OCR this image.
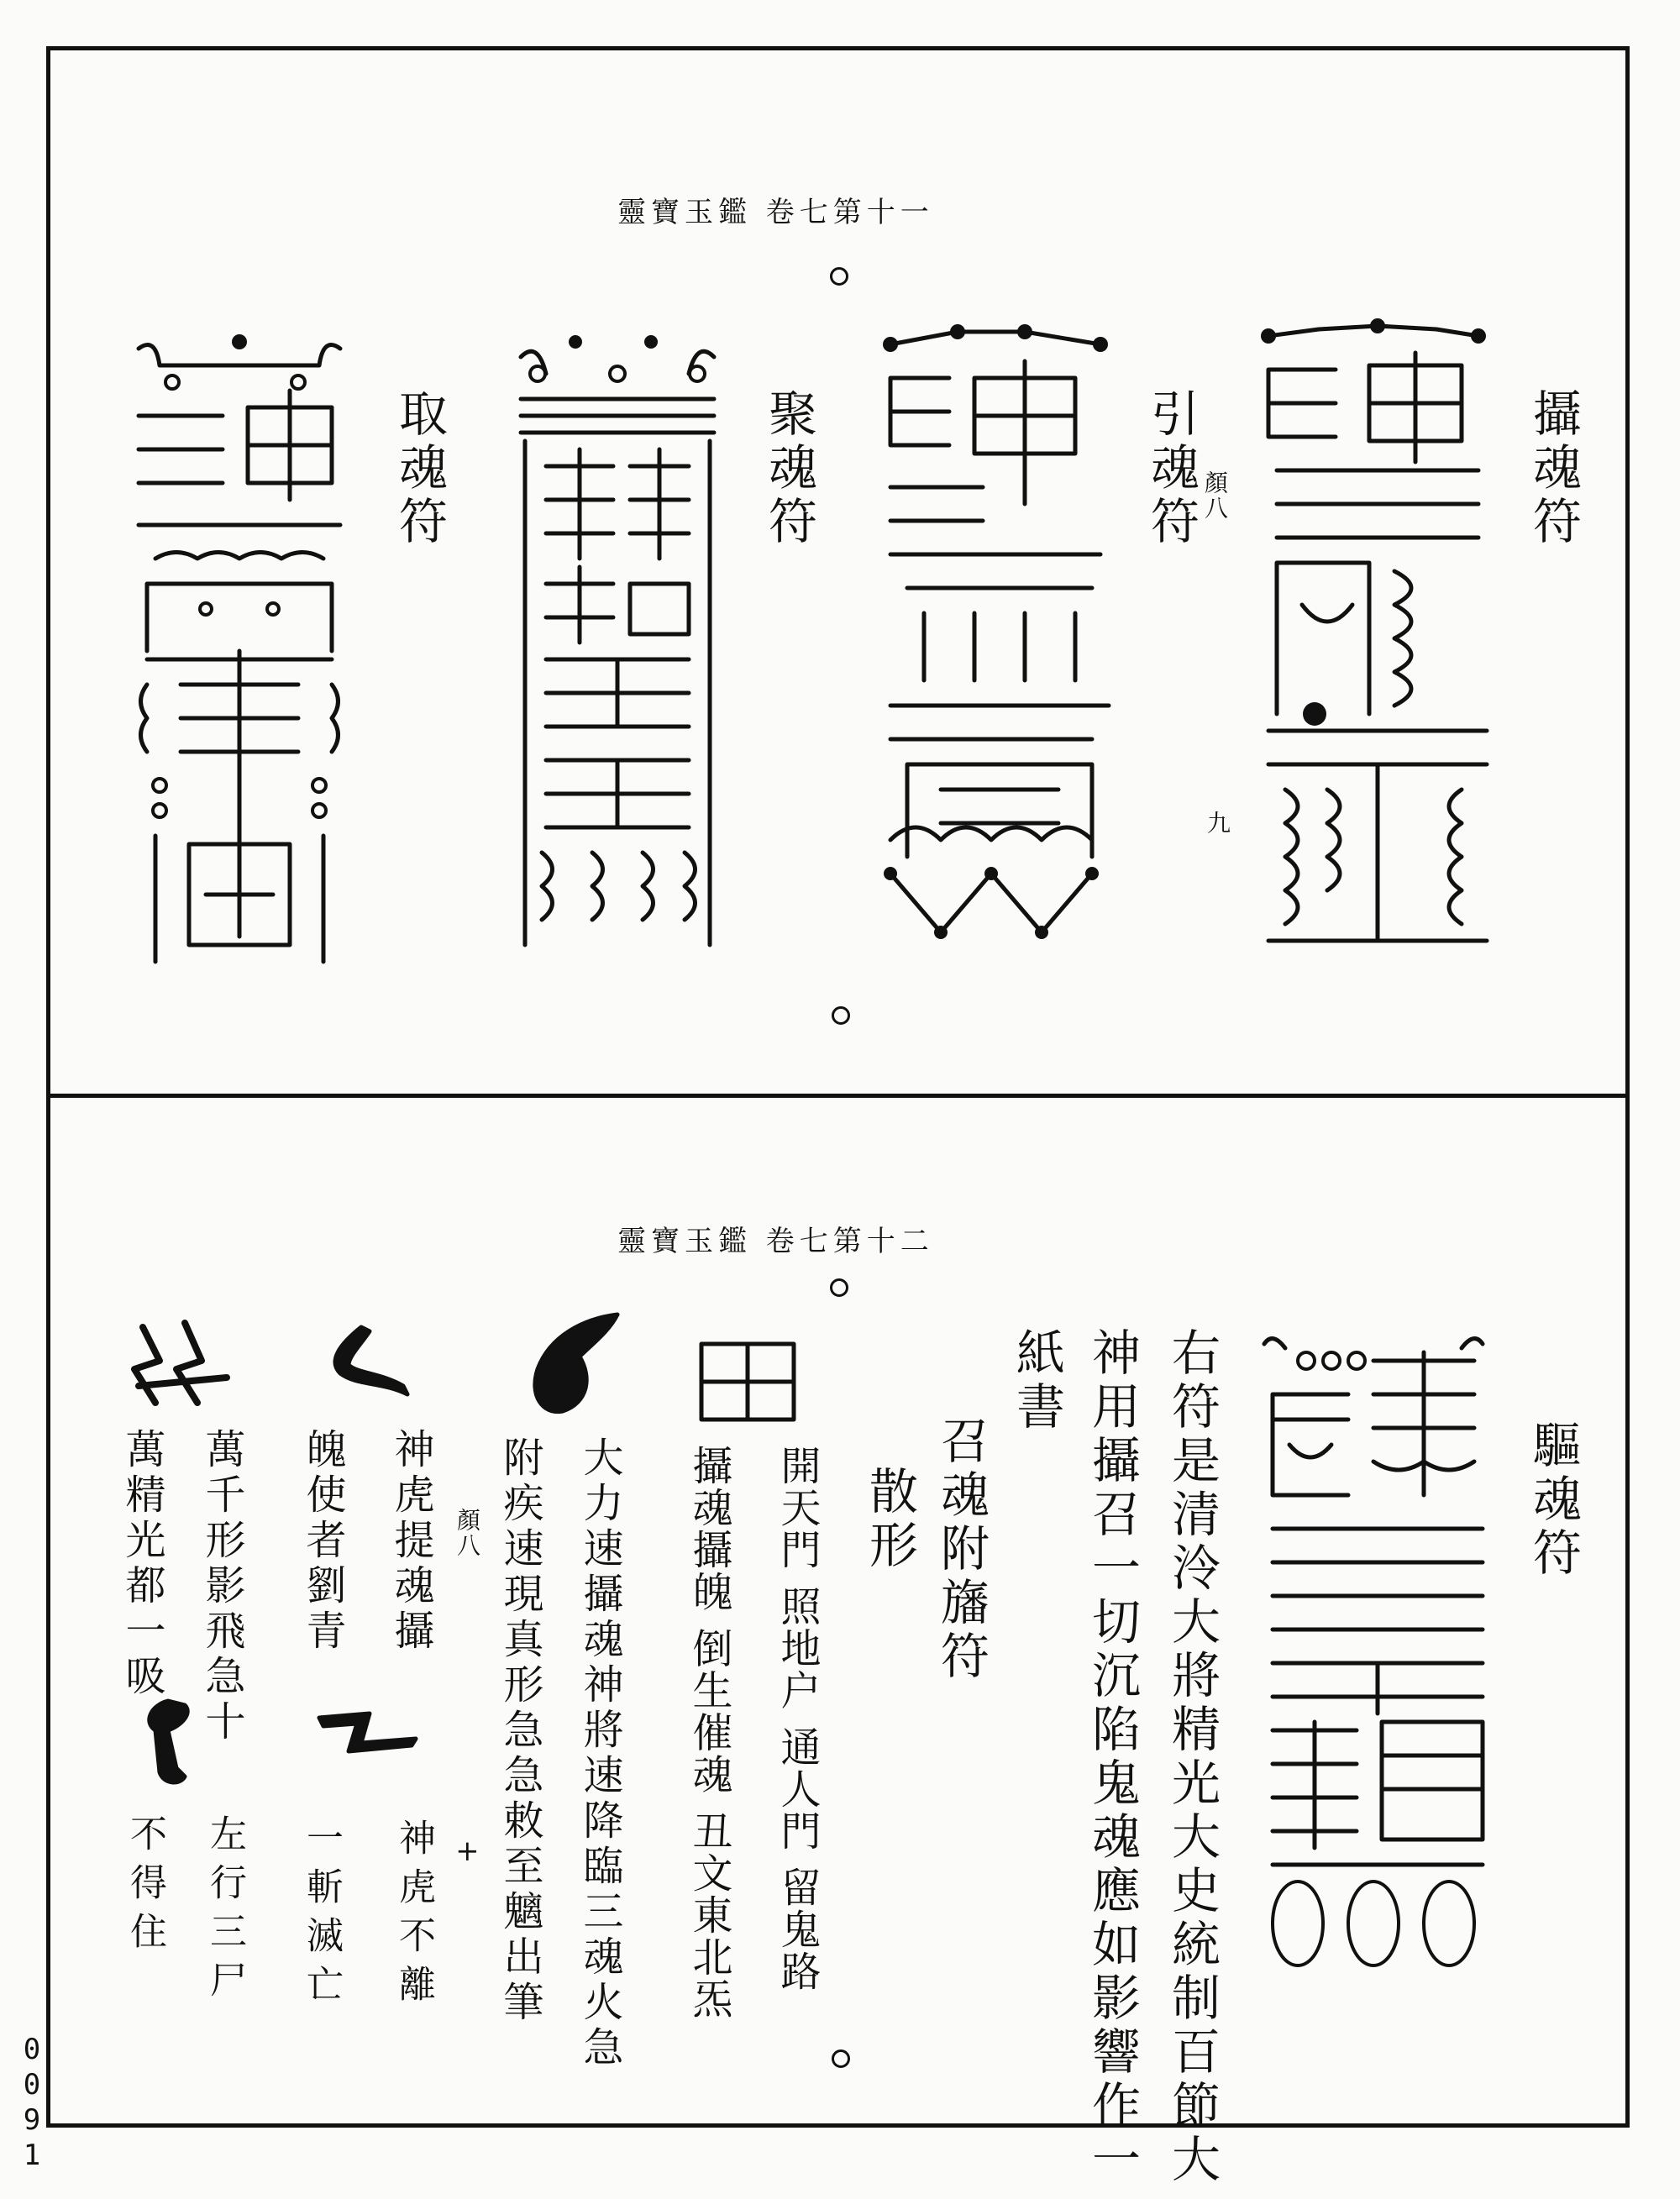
靈寶玉鑑 卷七第十一
攝魂符
引魂符 顏八
九
聚魂符
取魂符
靈寶玉鑑 卷七第十二
驅魂符
右符是清泠大將精光大史統制百節大
神用攝召一切沉陷鬼魂應如影響作一
紙書
召魂附旛符
散形
開天門 照地户 通人門 留鬼路
攝魂攝魄 倒生催魂 丑文東北炁
大力速攝魂神將速降臨三魂火急
附疾速現真形急急敕至魑出筆
神虎提魂攝 顏八
魄使者劉青
萬千形影飛急十
萬精光都一吸
神虎不離 +
一斬滅亡
左行三尸
不得住
0091
